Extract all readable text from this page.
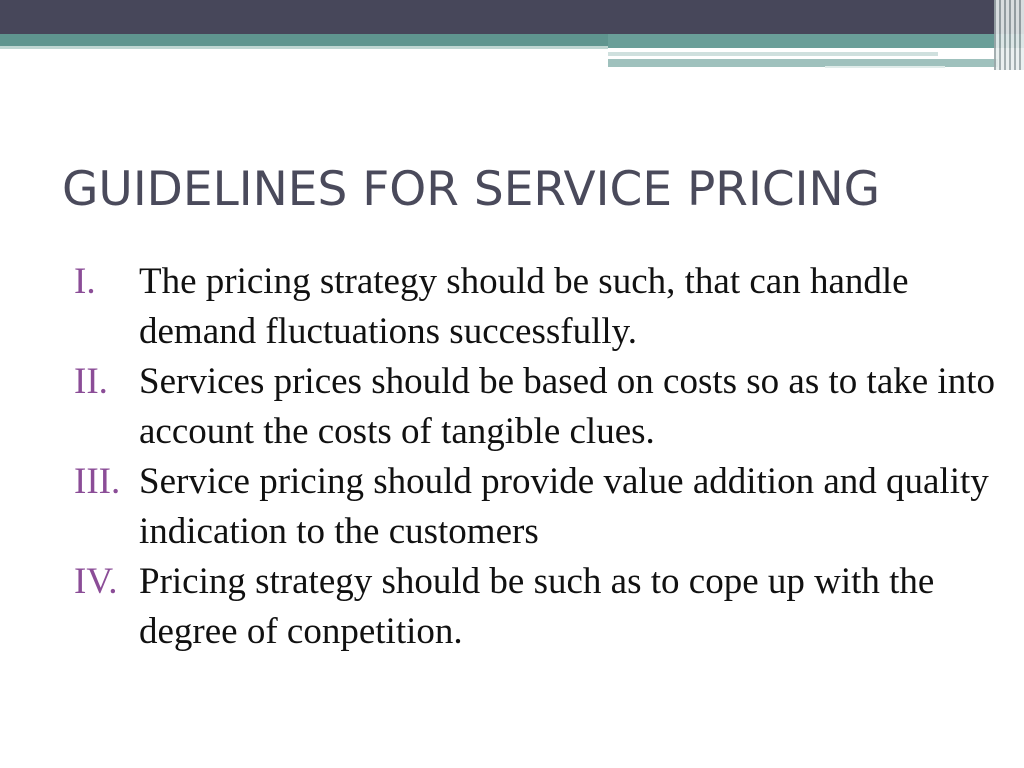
GUIDELINES FOR SERVICE PRICING
I. The pricing strategy should be such, that can handle demand fluctuations successfully.
II. Services prices should be based on costs so as to take into account the costs of tangible clues.
III. Service pricing should provide value addition and quality indication to the customers
IV. Pricing strategy should be such as to cope up with the degree of conpetition.
